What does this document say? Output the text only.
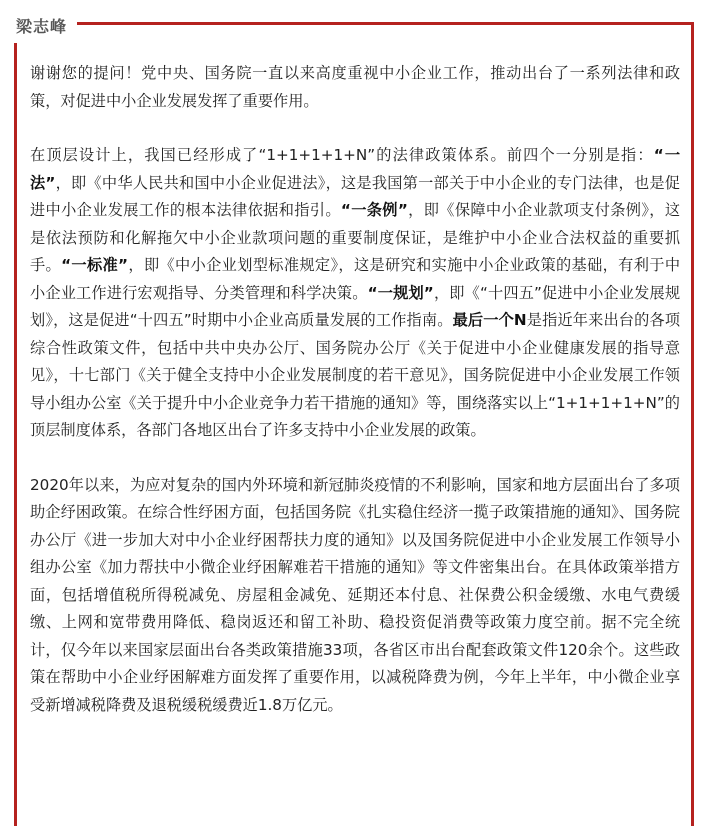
梁志峰

谢谢您的提问！党中央、国务院一直以来高度重视中小企业工作，推动出台了一系列法律和政策，对促进中小企业发展发挥了重要作用。

在顶层设计上，我国已经形成了“1+1+1+1+N”的法律政策体系。前四个一分别是指：“一法”，即《中华人民共和国中小企业促进法》，这是我国第一部关于中小企业的专门法律，也是促进中小企业发展工作的根本法律依据和指引。“一条例”，即《保障中小企业款项支付条例》，这是依法预防和化解拖欠中小企业款项问题的重要制度保证，是维护中小企业合法权益的重要抓手。“一标准”，即《中小企业划型标准规定》，这是研究和实施中小企业政策的基础，有利于中小企业工作进行宏观指导、分类管理和科学决策。“一规划”，即《“十四五”促进中小企业发展规划》，这是促进“十四五”时期中小企业高质量发展的工作指南。最后一个N是指近年来出台的各项综合性政策文件，包括中共中央办公厅、国务院办公厅《关于促进中小企业健康发展的指导意见》，十七部门《关于健全支持中小企业发展制度的若干意见》，国务院促进中小企业发展工作领导小组办公室《关于提升中小企业竞争力若干措施的通知》等，围绕落实以上“1+1+1+1+N”的顶层制度体系，各部门各地区出台了许多支持中小企业发展的政策。

2020年以来，为应对复杂的国内外环境和新冠肺炎疫情的不利影响，国家和地方层面出台了多项助企纾困政策。在综合性纾困方面，包括国务院《扎实稳住经济一揽子政策措施的通知》、国务院办公厅《进一步加大对中小企业纾困帮扶力度的通知》以及国务院促进中小企业发展工作领导小组办公室《加力帮扶中小微企业纾困解难若干措施的通知》等文件密集出台。在具体政策举措方面，包括增值税所得税减免、房屋租金减免、延期还本付息、社保费公积金缓缴、水电气费缓缴、上网和宽带费用降低、稳岗返还和留工补助、稳投资促消费等政策力度空前。据不完全统计，仅今年以来国家层面出台各类政策措施33项，各省区市出台配套政策文件120余个。这些政策在帮助中小企业纾困解难方面发挥了重要作用，以减税降费为例，今年上半年，中小微企业享受新增减税降费及退税缓税缓费近1.8万亿元。
